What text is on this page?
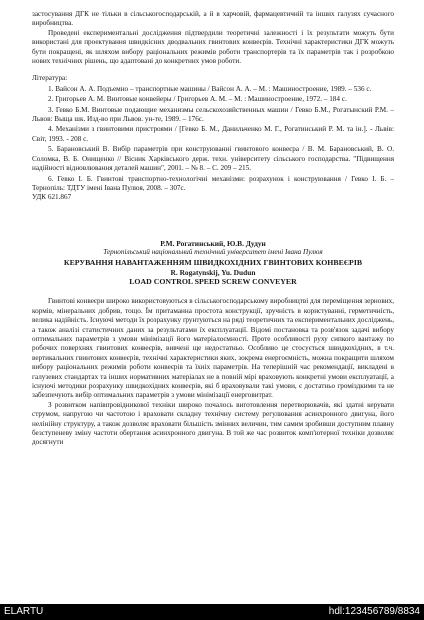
застосування ДГК не тільки в сільськогосподарській, а й в харчовій, фармацевтичній та інших галузях сучасного виробництва.

Проведені експериментальні дослідження підтвердили теоретичні залежності і їх результати можуть бути використані для проектування швидкісних дводвальних гвинтових конвеєрів. Технічні характеристики ДГК можуть бути покращені, як шляхом вибору раціональних режимів роботи транспортерів та їх параметрів так і розробкою нових технічних рішень, що адаптовані до конкретних умов роботи.

Література:

1. Вайсон А. А. Подъемно – транспортные машины / Вайсон А. А. – М. : Машиностроение, 1989. – 536 с.

2. Григорьев А. М. Винтовые конвейеры / Григорьев А. М. – М. : Машиностроение, 1972. – 184 с.

3. Гевко Б.М. Винтовые подающие механизмы сельскохозяйственных машин / Гевко Б.М., Рогатынский Р.М. – Львов: Выща шк. Изд-во при Львов. ун-те, 1989. – 176с.

4. Механізми з гвинтовими пристроями / [Гевко Б. М., Данильченко М. Г., Рогатинський Р. М. та ін.]. - Львів: Світ, 1993. - 208 с.

5. Барановський В. Вибір параметрів при конструюванні гвинтового конвеєра / В. М. Барановський, В. О. Соломка, В. Б. Онищенко // Вісник Харківського держ. техн. університету сільського господарства. "Підвищення надійності відновлювання деталей машин", 2001. – № 8. – С. 209 – 215.

6. Гевко І. Б. Гвинтові транспортно-технологічні механізми: розрахунок і конструювання / Гевко І. Б. – Тернопіль: ТДТУ імені Івана Пулюя, 2008. – 307с.

УДК 621.867

Р.М. Рогатинський, Ю.В. Дудун

Тернопільський національний технічний університет імені Івана Пулюя

КЕРУВАННЯ НАВАНТАЖЕННЯМ ШВИДКОХІДНИХ ГВИНТОВИХ КОНВЕЄРІВ

R. Rogatynskij, Yu. Dudun

LOAD CONTROL SPEED SCREW CONVEYER

Гвинтові конвеєри широко використовуються в сільськогосподарському виробництві для переміщення зернових, кормів, мінеральних добрив, тощо. Їм притаманна простота конструкції, зручність в користуванні, герметичність, велика надійність. Існуючі методи їх розрахунку ґрунтуються на ряді теоретичних та експериментальних досліджень, а також аналізі статистичних даних за результатами їх експлуатації. Відомі постановка та розв'язок задачі вибору оптимальних параметрів з умови мінімізації його матеріалоємності. Проте особливості руху сипкого вантажу по робочих поверхнях гвинтових конвеєрів, вивчені ще недостатньо. Особливо це стосується швидкохідних, в т.ч. вертикальних гвинтових конвеєрів, технічні характеристики яких, зокрема енергоємність, можна покращити шляхом вибору раціональних режимів роботи конвеєрів та їхніх параметрів. На теперішній час рекомендації, викладені в галузевих стандартах та інших нормативних матеріалах не в повній мірі враховують конкретні умови експлуатації, а існуючі методики розрахунку швидкохідних конвеєрів, які б враховували такі умови, є достатньо громіздкими та не забезпечують вибір оптимальних параметрів з умови мінімізації енерговитрат.

З розвитком напівпровідникової техніки широко почалось виготовлення перетворювачів, які здатні керувати струмом, напругою чи частотою і враховати складну технічну систему регулювання асинхронного двигуна, його нелінійну структуру, а також дозволяє враховати більшість змінних величин, тим самим зробивши доступним плавну безступеневу зміну частоти обертання асинхронного двигуна. В той же час розвиток комп'ютерної техніки дозволяє досягнути

ELARTU	hdl:123456789/8834
